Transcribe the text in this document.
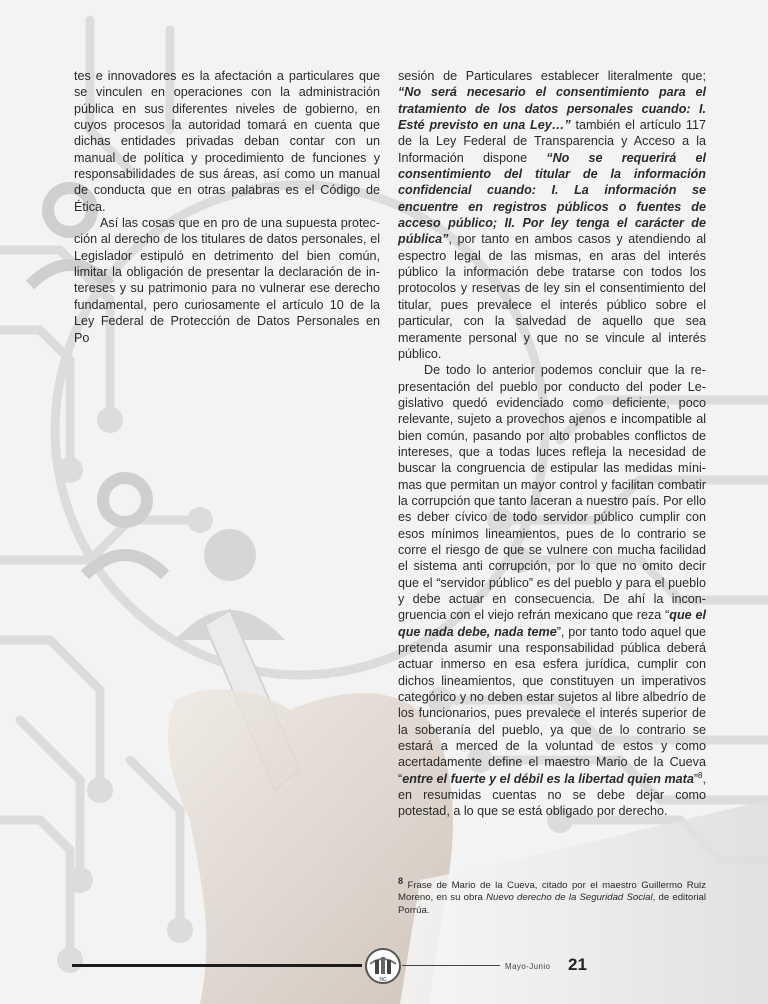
tes e innovadores es la afectación a particulares que se vinculen en operaciones con la administración pública en sus diferentes niveles de gobierno, en cuyos procesos la autoridad tomará en cuenta que dichas entidades privadas deban contar con un manual de política y procedimiento de funciones y responsabilidades de sus áreas, así como un manual de conducta que en otras palabras es el Código de Ética.

Así las cosas que en pro de una supuesta protección al derecho de los titulares de datos personales, el Legislador estipuló en detrimento del bien común, limitar la obligación de presentar la declaración de intereses y su patrimonio para no vulnerar ese derecho fundamental, pero curiosamente el artículo 10 de la Ley Federal de Protección de Datos Personales en Po

sesión de Particulares establecer literalmente que; “No será necesario el consentimiento para el tratamiento de los datos personales cuando: I. Esté previsto en una Ley…” también el artículo 117 de la Ley Federal de Transparencia y Acceso a la Información dispone “No se requerirá el consentimiento del titular de la información confidencial cuando: I. La información se encuentre en registros públicos o fuentes de acceso público; II. Por ley tenga el carácter de pública”, por tanto en ambos casos y atendiendo al espectro legal de las mismas, en aras del interés público la información debe tratarse con todos los protocolos y reservas de ley sin el consentimiento del titular, pues prevalece el interés público sobre el particular, con la salvedad de aquello que sea meramente personal y que no se vincule al interés público.

De todo lo anterior podemos concluir que la representación del pueblo por conducto del poder Legislativo quedó evidenciado como deficiente, poco relevante, sujeto a provechos ajenos e incompatible al bien común, pasando por alto probables conflictos de intereses, que a todas luces refleja la necesidad de buscar la congruencia de estipular las medidas mínimas que permitan un mayor control y facilitan combatir la corrupción que tanto laceran a nuestro país. Por ello es deber cívico de todo servidor público cumplir con esos mínimos lineamientos, pues de lo contrario se corre el riesgo de que se vulnere con mucha facilidad el sistema anti corrupción, por lo que no omito decir que el “servidor público” es del pueblo y para el pueblo y debe actuar en consecuencia. De ahí la incongruencia con el viejo refrán mexicano que reza “que el que nada debe, nada teme”, por tanto todo aquel que pretenda asumir una responsabilidad pública deberá actuar inmerso en esa esfera jurídica, cumplir con dichos lineamientos, que constituyen un imperativos categórico y no deben estar sujetos al libre albedrío de los funcionarios, pues prevalece el interés superior de la soberanía del pueblo, ya que de lo contrario se estará a merced de la voluntad de estos y como acertadamente define el maestro Mario de la Cueva “entre el fuerte y el débil es la libertad quien mata”$^8$, en resumidas cuentas no se debe dejar como potestad, a lo que se está obligado por derecho.

8 Frase de Mario de la Cueva, citado por el maestro Guillermo Ruiz Moreno, en su obra Nuevo derecho de la Seguridad Social, de editorial Porrúa.
NC
Mayo-Junio 21
